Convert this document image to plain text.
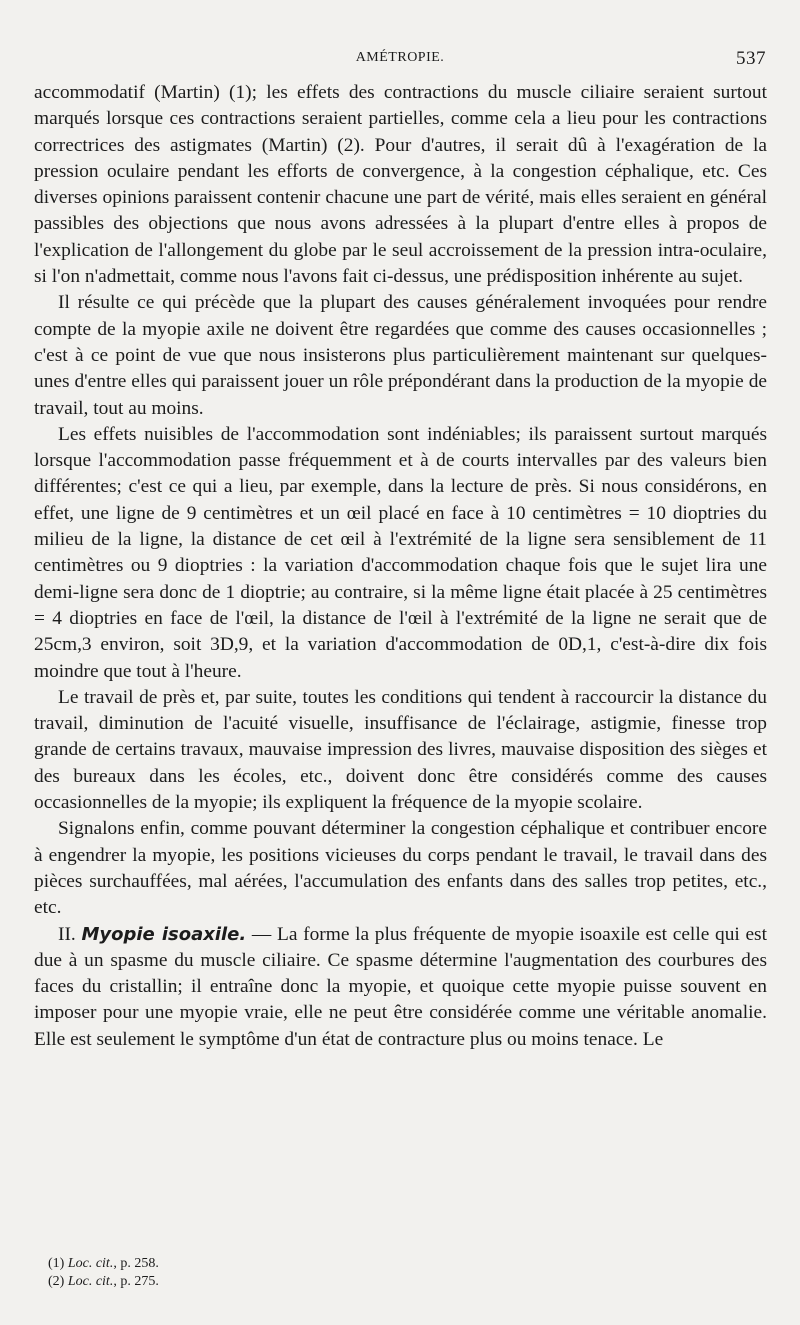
AMÉTROPIE.	537

accommodatif (Martin) (1); les effets des contractions du muscle ciliaire seraient surtout marqués lorsque ces contractions seraient partielles, comme cela a lieu pour les contractions correctrices des astigmates (Martin) (2). Pour d'autres, il serait dû à l'exagération de la pression oculaire pendant les efforts de convergence, à la congestion céphalique, etc. Ces diverses opinions paraissent contenir chacune une part de vérité, mais elles seraient en général passibles des objections que nous avons adressées à la plupart d'entre elles à propos de l'explication de l'allongement du globe par le seul accroissement de la pression intra-oculaire, si l'on n'admettait, comme nous l'avons fait ci-dessus, une prédisposition inhérente au sujet.

Il résulte ce qui précède que la plupart des causes généralement invoquées pour rendre compte de la myopie axile ne doivent être regardées que comme des causes occasionnelles ; c'est à ce point de vue que nous insisterons plus particulièrement maintenant sur quelques-unes d'entre elles qui paraissent jouer un rôle prépondérant dans la production de la myopie de travail, tout au moins.

Les effets nuisibles de l'accommodation sont indéniables; ils paraissent surtout marqués lorsque l'accommodation passe fréquemment et à de courts intervalles par des valeurs bien différentes; c'est ce qui a lieu, par exemple, dans la lecture de près. Si nous considérons, en effet, une ligne de 9 centimètres et un œil placé en face à 10 centimètres = 10 dioptries du milieu de la ligne, la distance de cet œil à l'extrémité de la ligne sera sensiblement de 11 centimètres ou 9 dioptries : la variation d'accommodation chaque fois que le sujet lira une demi-ligne sera donc de 1 dioptrie; au contraire, si la même ligne était placée à 25 centimètres = 4 dioptries en face de l'œil, la distance de l'œil à l'extrémité de la ligne ne serait que de 25cm,3 environ, soit 3D,9, et la variation d'accommodation de 0D,1, c'est-à-dire dix fois moindre que tout à l'heure.

Le travail de près et, par suite, toutes les conditions qui tendent à raccourcir la distance du travail, diminution de l'acuité visuelle, insuffisance de l'éclairage, astigmie, finesse trop grande de certains travaux, mauvaise impression des livres, mauvaise disposition des sièges et des bureaux dans les écoles, etc., doivent donc être considérés comme des causes occasionnelles de la myopie; ils expliquent la fréquence de la myopie scolaire.

Signalons enfin, comme pouvant déterminer la congestion céphalique et contribuer encore à engendrer la myopie, les positions vicieuses du corps pendant le travail, le travail dans des pièces surchauffées, mal aérées, l'accumulation des enfants dans des salles trop petites, etc., etc.

II. Myopie isoaxile. — La forme la plus fréquente de myopie isoaxile est celle qui est due à un spasme du muscle ciliaire. Ce spasme détermine l'augmentation des courbures des faces du cristallin; il entraîne donc la myopie, et quoique cette myopie puisse souvent en imposer pour une myopie vraie, elle ne peut être considérée comme une véritable anomalie. Elle est seulement le symptôme d'un état de contracture plus ou moins tenace. Le

(1) Loc. cit., p. 258.
(2) Loc. cit., p. 275.
